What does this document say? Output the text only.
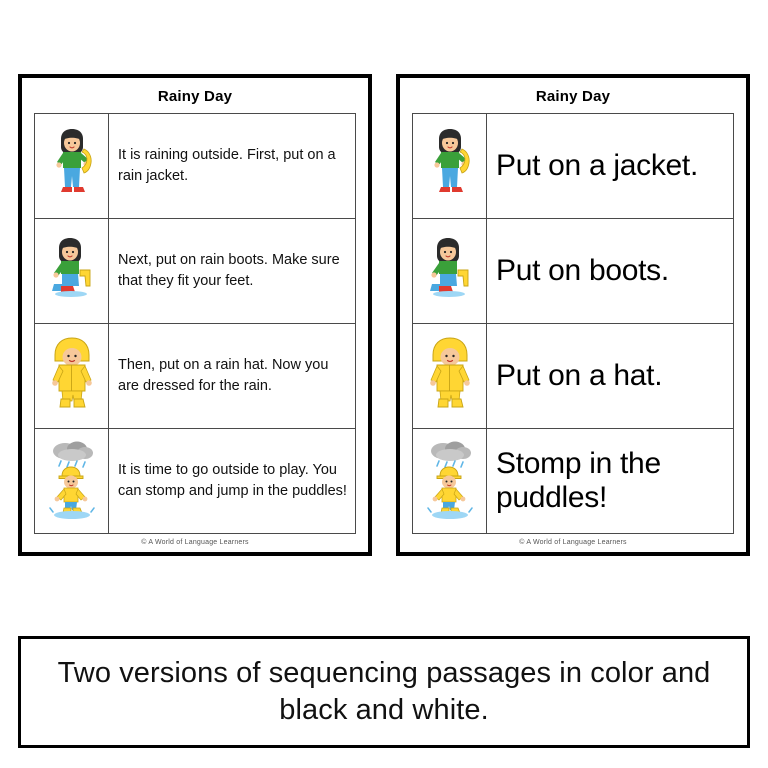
Rainy Day
It is raining outside. First, put on a rain jacket.
Next, put on rain boots. Make sure that they fit your feet.
Then, put on a rain hat. Now you are dressed for the rain.
It is time to go outside to play. You can stomp and jump in the puddles!
© A World of Language Learners
Rainy Day
Put on a jacket.
Put on boots.
Put on a hat.
Stomp in the puddles!
© A World of Language Learners
Two versions of sequencing passages in color and black and white.
